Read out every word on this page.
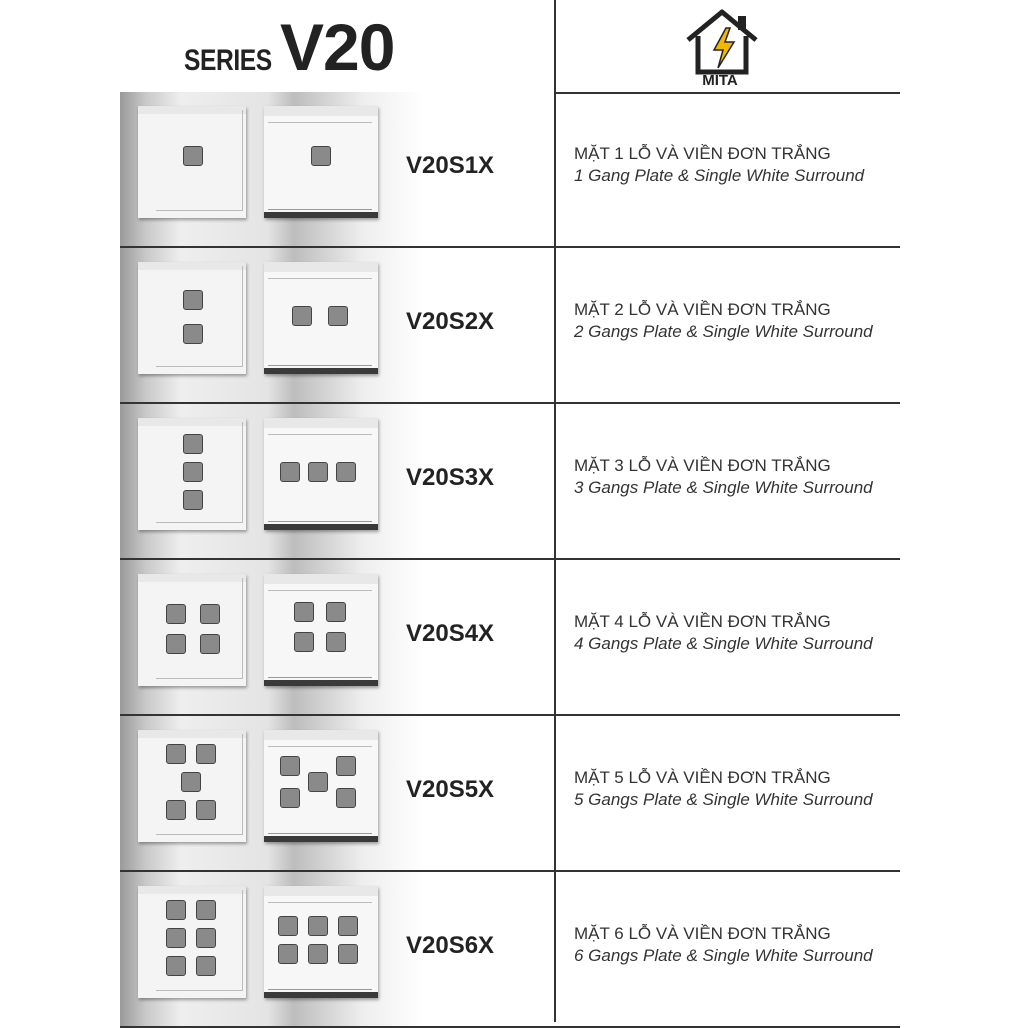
SERIES V20	MITA
V20S1X	MẶT 1 LỖ VÀ VIỀN ĐƠN TRẮNG
1 Gang Plate & Single White Surround
V20S2X	MẶT 2 LỖ VÀ VIỀN ĐƠN TRẮNG
2 Gangs Plate & Single White Surround
V20S3X	MẶT 3 LỖ VÀ VIỀN ĐƠN TRẮNG
3 Gangs Plate & Single White Surround
V20S4X	MẶT 4 LỖ VÀ VIỀN ĐƠN TRẮNG
4 Gangs Plate & Single White Surround
V20S5X	MẶT 5 LỖ VÀ VIỀN ĐƠN TRẮNG
5 Gangs Plate & Single White Surround
V20S6X	MẶT 6 LỖ VÀ VIỀN ĐƠN TRẮNG
6 Gangs Plate & Single White Surround
